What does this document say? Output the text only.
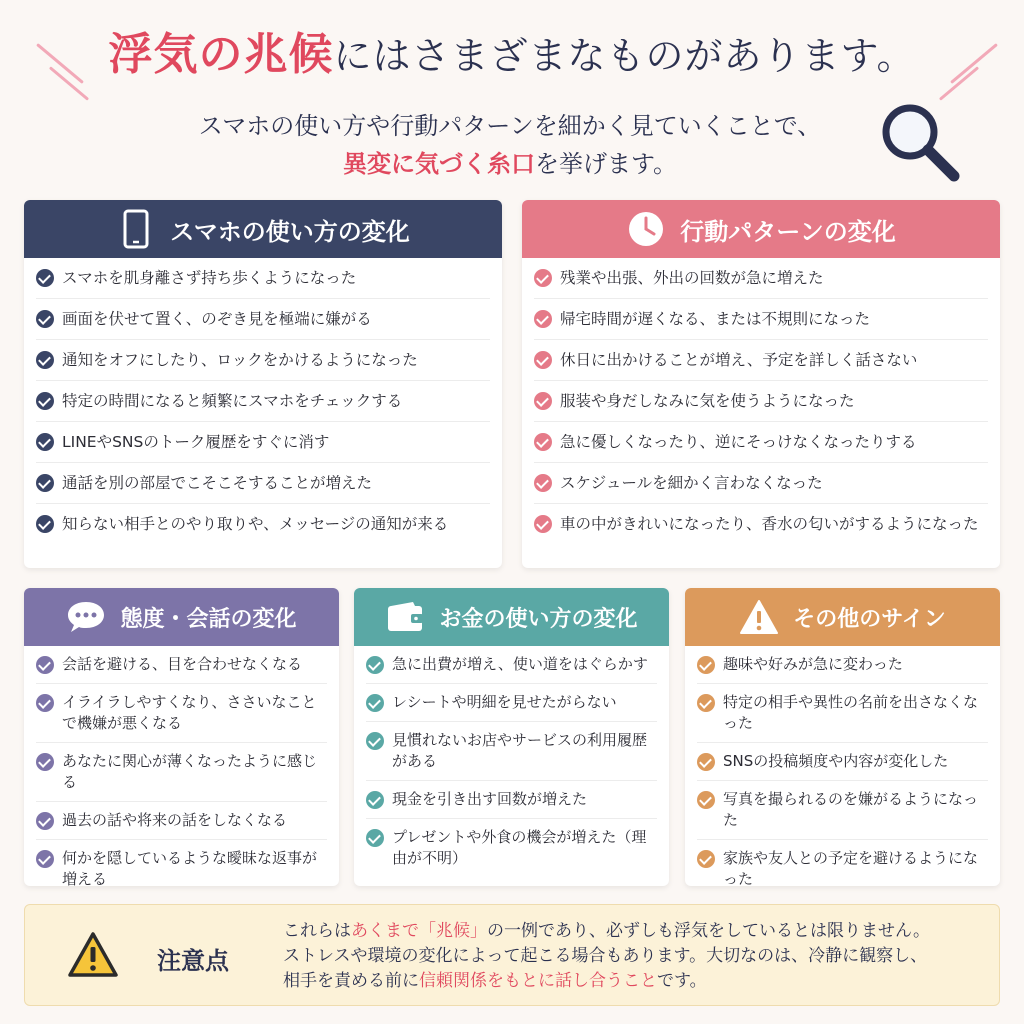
浮気の兆候にはさまざまなものがあります。
スマホの使い方や行動パターンを細かく見ていくことで、
異変に気づく糸口を挙げます。
スマホの使い方の変化
スマホを肌身離さず持ち歩くようになった
画面を伏せて置く、のぞき見を極端に嫌がる
通知をオフにしたり、ロックをかけるようになった
特定の時間になると頻繁にスマホをチェックする
LINEやSNSのトーク履歴をすぐに消す
通話を別の部屋でこそこそすることが増えた
知らない相手とのやり取りや、メッセージの通知が来る
行動パターンの変化
残業や出張、外出の回数が急に増えた
帰宅時間が遅くなる、または不規則になった
休日に出かけることが増え、予定を詳しく話さない
服装や身だしなみに気を使うようになった
急に優しくなったり、逆にそっけなくなったりする
スケジュールを細かく言わなくなった
車の中がきれいになったり、香水の匂いがするようになった
態度・会話の変化
会話を避ける、目を合わせなくなる
イライラしやすくなり、ささいなことで機嫌が悪くなる
あなたに関心が薄くなったように感じる
過去の話や将来の話をしなくなる
何かを隠しているような曖昧な返事が増える
お金の使い方の変化
急に出費が増え、使い道をはぐらかす
レシートや明細を見せたがらない
見慣れないお店やサービスの利用履歴がある
現金を引き出す回数が増えた
プレゼントや外食の機会が増えた（理由が不明）
その他のサイン
趣味や好みが急に変わった
特定の相手や異性の名前を出さなくなった
SNSの投稿頻度や内容が変化した
写真を撮られるのを嫌がるようになった
家族や友人との予定を避けるようになった
注意点
これらはあくまで「兆候」の一例であり、必ずしも浮気をしているとは限りません。
ストレスや環境の変化によって起こる場合もあります。大切なのは、冷静に観察し、
相手を責める前に信頼関係をもとに話し合うことです。
